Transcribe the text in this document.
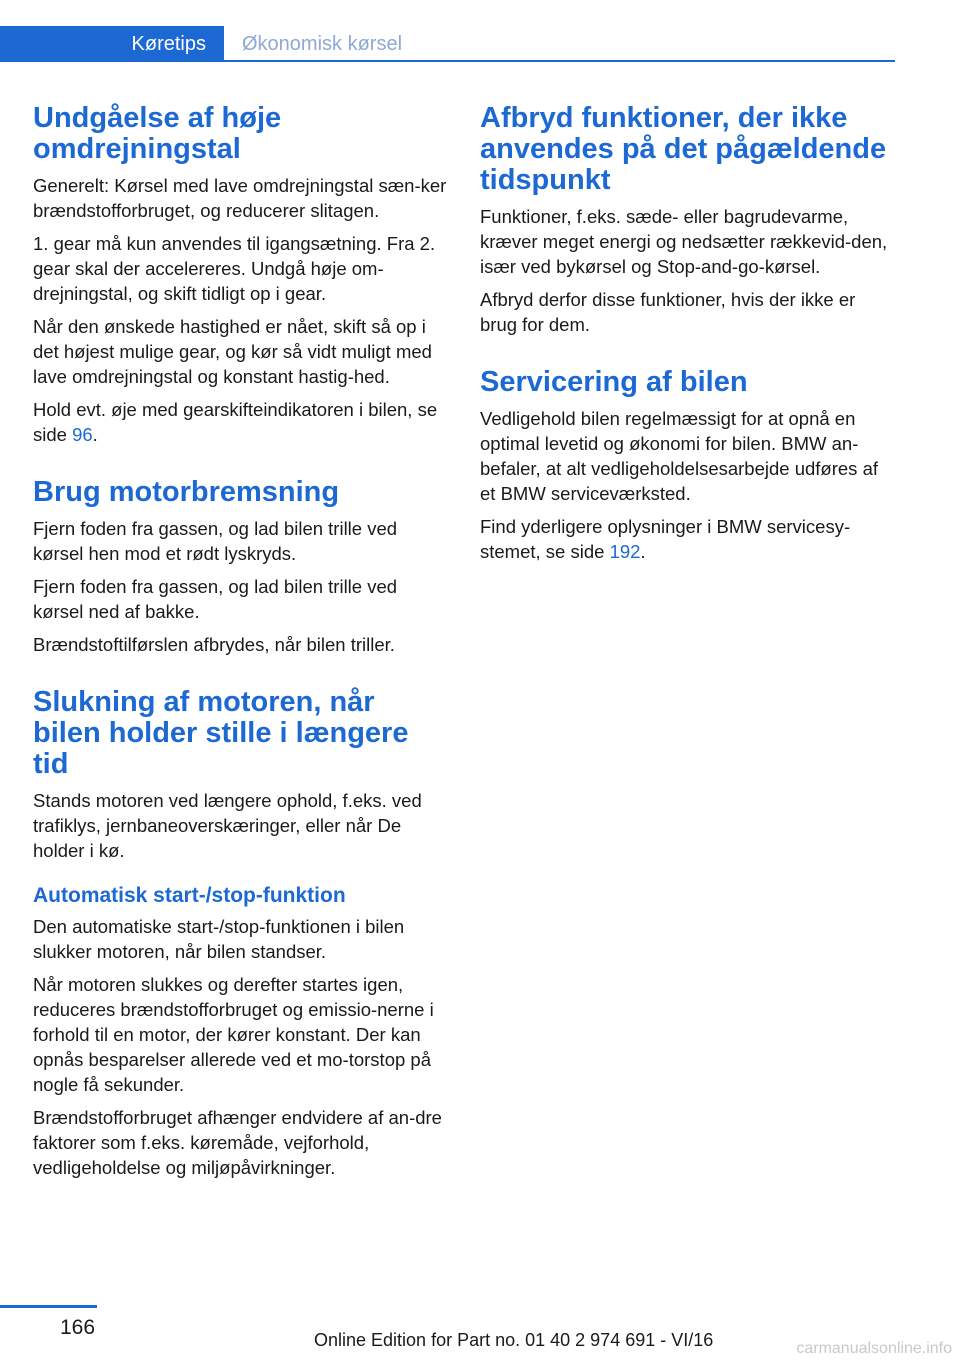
Køretips	Økonomisk kørsel
Undgåelse af høje omdrejningstal

Generelt: Kørsel med lave omdrejningstal sæn-ker brændstofforbruget, og reducerer slitagen.

1. gear må kun anvendes til igangsætning. Fra 2. gear skal der accelereres. Undgå høje om-drejningstal, og skift tidligt op i gear.

Når den ønskede hastighed er nået, skift så op i det højest mulige gear, og kør så vidt muligt med lave omdrejningstal og konstant hastig-hed.

Hold evt. øje med gearskifteindikatoren i bilen, se side 96.

Brug motorbremsning

Fjern foden fra gassen, og lad bilen trille ved kørsel hen mod et rødt lyskryds.

Fjern foden fra gassen, og lad bilen trille ved kørsel ned af bakke.

Brændstoftilførslen afbrydes, når bilen triller.

Slukning af motoren, når bilen holder stille i længere tid

Stands motoren ved længere ophold, f.eks. ved trafiklys, jernbaneoverskæringer, eller når De holder i kø.

Automatisk start-/stop-funktion

Den automatiske start-/stop-funktionen i bilen slukker motoren, når bilen standser.

Når motoren slukkes og derefter startes igen, reduceres brændstofforbruget og emissio-nerne i forhold til en motor, der kører konstant. Der kan opnås besparelser allerede ved et mo-torstop på nogle få sekunder.

Brændstofforbruget afhænger endvidere af an-dre faktorer som f.eks. køremåde, vejforhold, vedligeholdelse og miljøpåvirkninger.

Afbryd funktioner, der ikke anvendes på det pågældende tidspunkt

Funktioner, f.eks. sæde- eller bagrudevarme, kræver meget energi og nedsætter rækkevid-den, især ved bykørsel og Stop-and-go-kørsel.

Afbryd derfor disse funktioner, hvis der ikke er brug for dem.

Servicering af bilen

Vedligehold bilen regelmæssigt for at opnå en optimal levetid og økonomi for bilen. BMW an-befaler, at alt vedligeholdelsesarbejde udføres af et BMW serviceværksted.

Find yderligere oplysninger i BMW servicesy-stemet, se side 192.

166
Online Edition for Part no. 01 40 2 974 691 - VI/16	carmanualsonline.info
